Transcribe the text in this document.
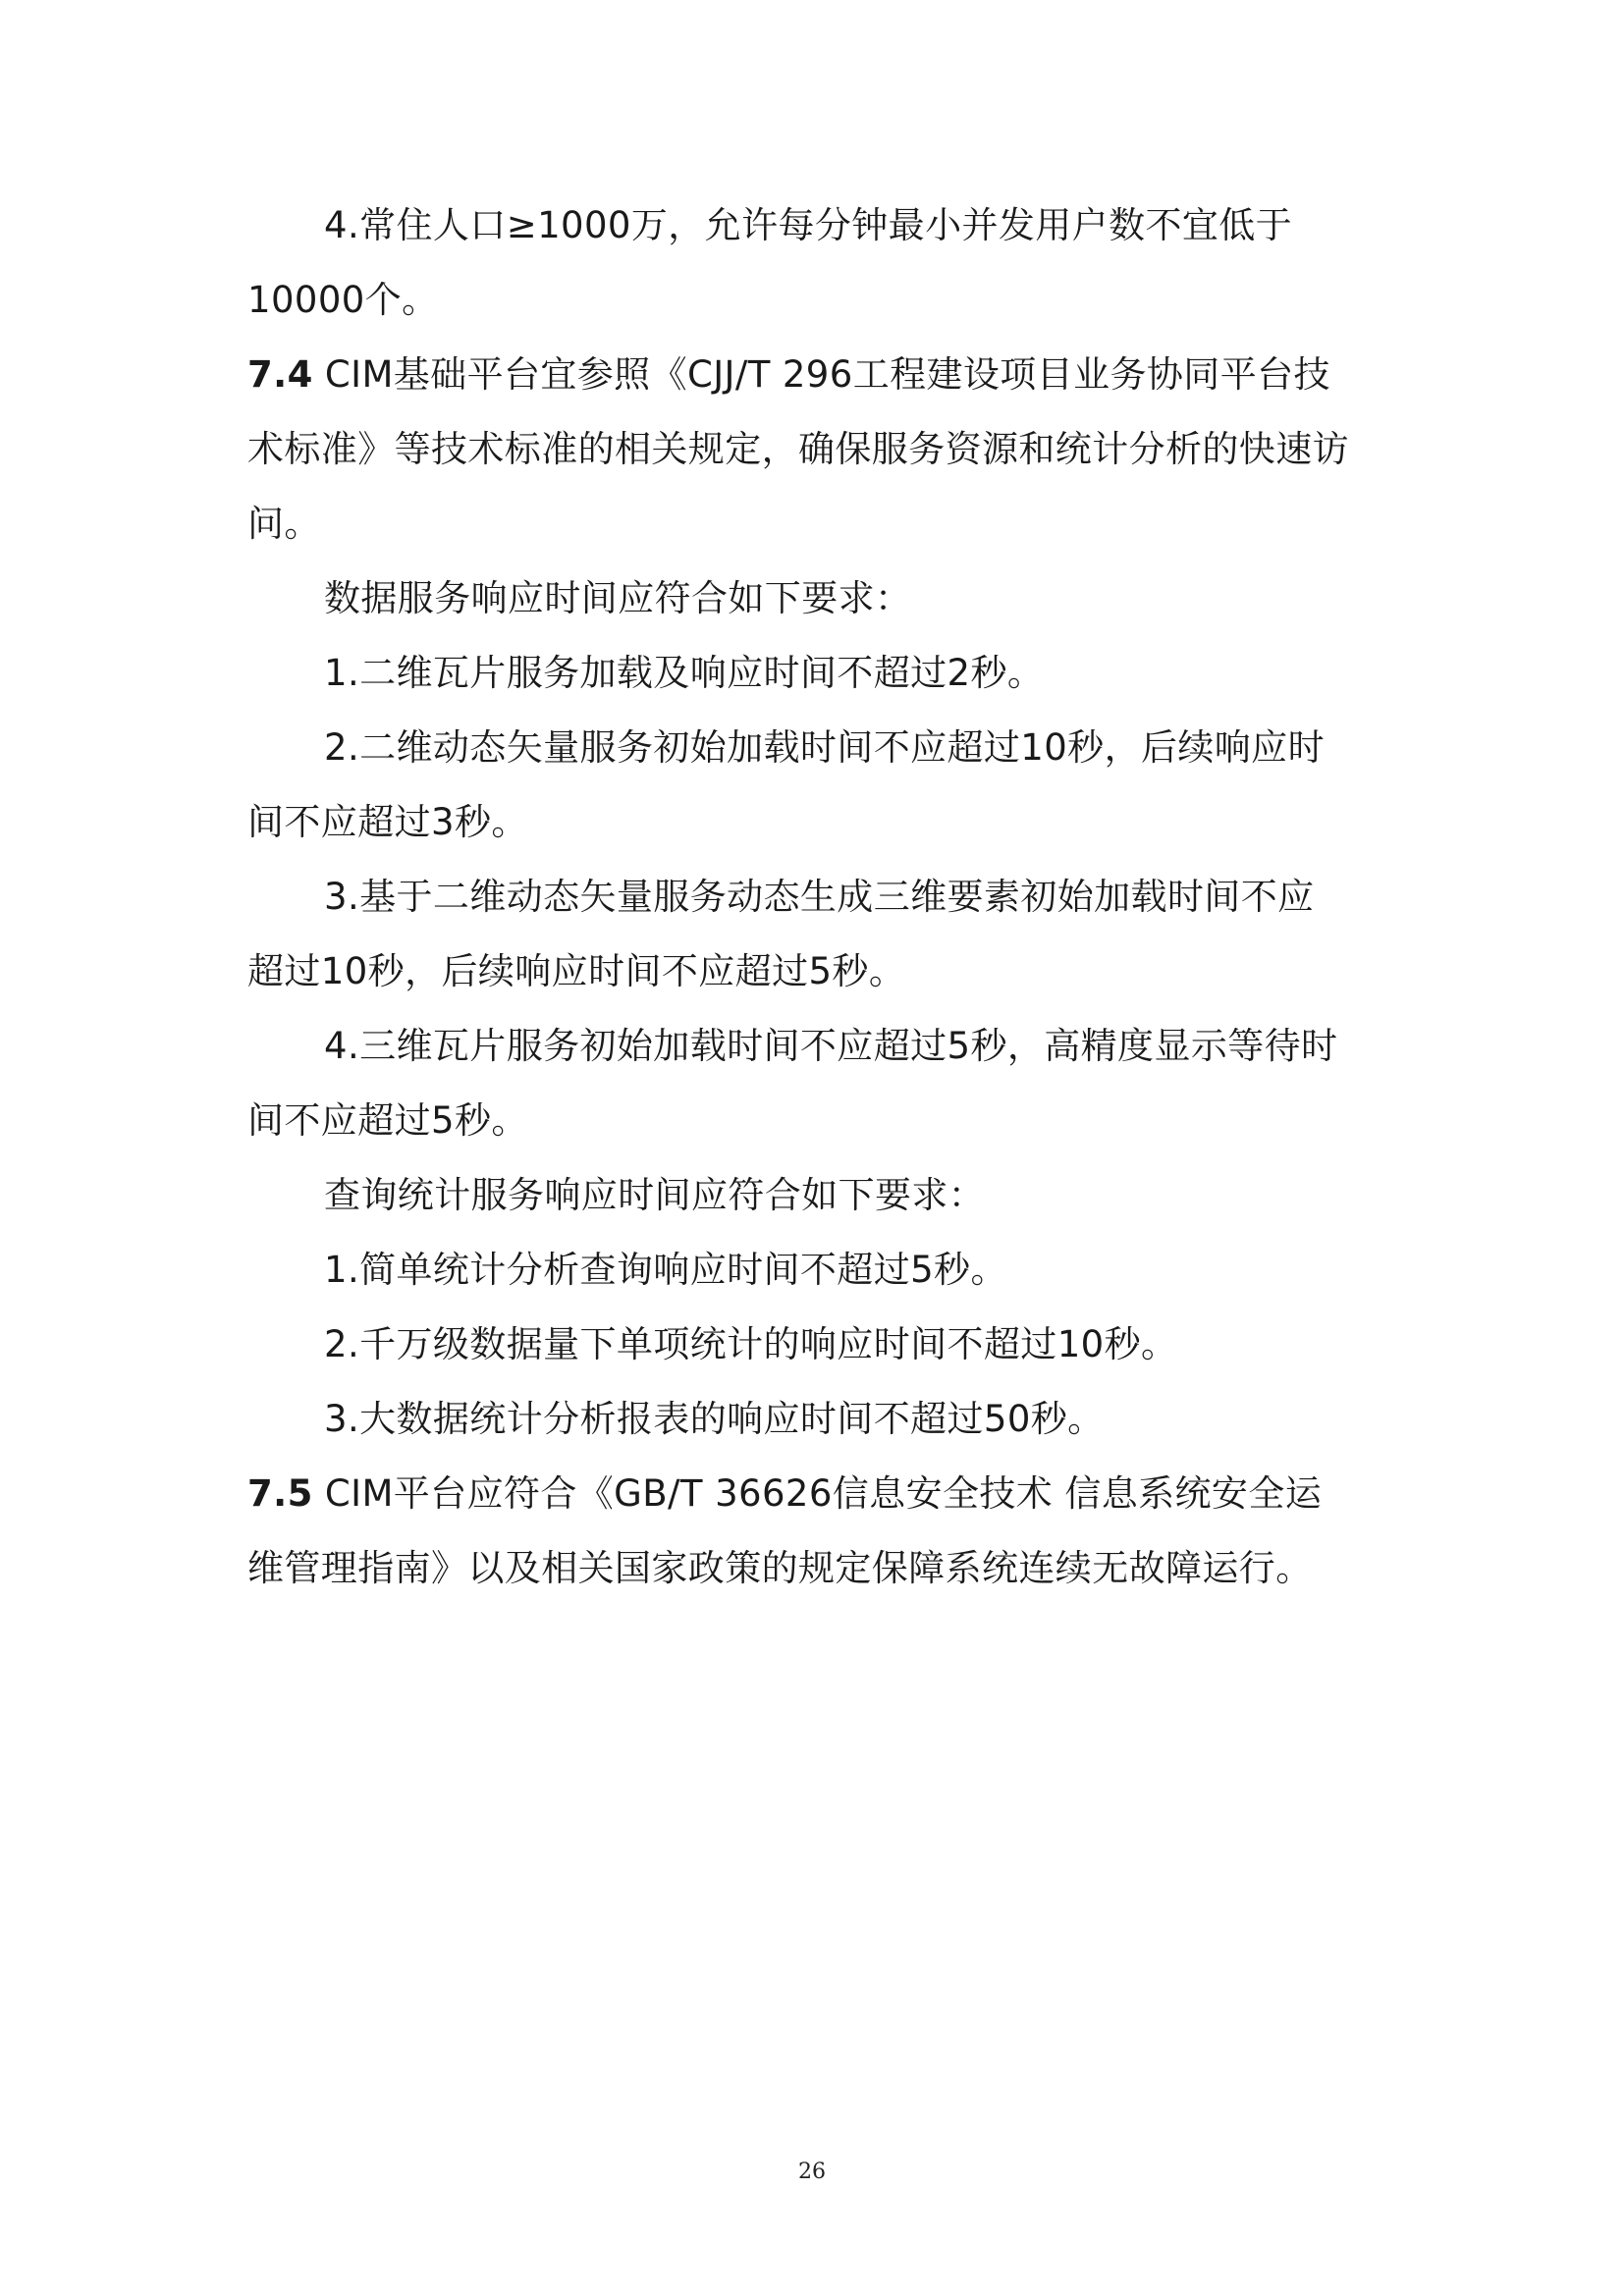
4.常住人口≥1000万，允许每分钟最小并发用户数不宜低于
10000个。
7.4 CIM基础平台宜参照《CJJ/T 296工程建设项目业务协同平台技
术标准》等技术标准的相关规定，确保服务资源和统计分析的快速访
问。
数据服务响应时间应符合如下要求：
1.二维瓦片服务加载及响应时间不超过2秒。
2.二维动态矢量服务初始加载时间不应超过10秒，后续响应时
间不应超过3秒。
3.基于二维动态矢量服务动态生成三维要素初始加载时间不应
超过10秒，后续响应时间不应超过5秒。
4.三维瓦片服务初始加载时间不应超过5秒，高精度显示等待时
间不应超过5秒。
查询统计服务响应时间应符合如下要求：
1.简单统计分析查询响应时间不超过5秒。
2.千万级数据量下单项统计的响应时间不超过10秒。
3.大数据统计分析报表的响应时间不超过50秒。
7.5 CIM平台应符合《GB/T 36626信息安全技术 信息系统安全运
维管理指南》以及相关国家政策的规定保障系统连续无故障运行。
26
